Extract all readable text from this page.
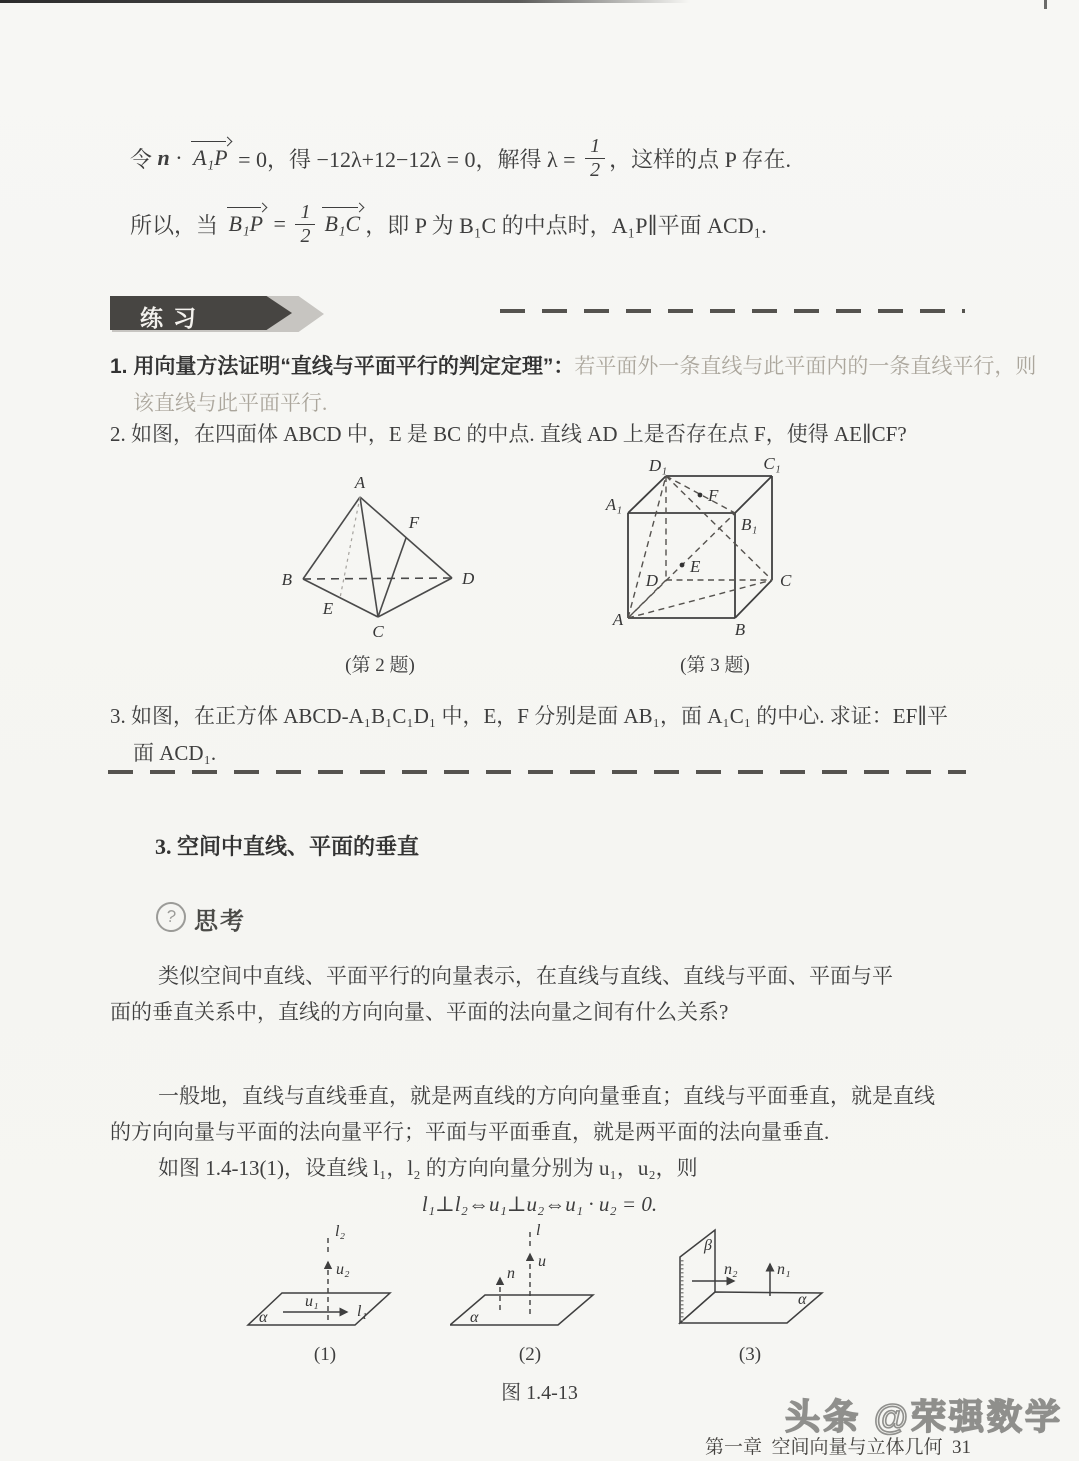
令 n · A₁P = 0，得 −12λ+12−12λ = 0，解得 $\lambda = \frac{1}{2}$ ，这样的点 P 存在.
所以，当 $B_1P = \frac{1}{2} B_1C$ ，即 P 为 B₁C 的中点时，A₁P∥平面 ACD₁.
练习
1. 用向量方法证明“直线与平面平行的判定定理”：若平面外一条直线与此平面内的一条直线平行，则
该直线与此平面平行.
2. 如图，在四面体 ABCD 中，E 是 BC 的中点. 直线 AD 上是否存在点 F，使得 AE∥CF?
A
B
C
D
E
F
(第 2 题)
D₁	C₁
A₁
B₁
D	C
A
B
E
F
(第 3 题)
3. 如图，在正方体 ABCD-A₁B₁C₁D₁ 中，E，F 分别是面 AB₁，面 A₁C₁ 的中心. 求证：EF∥平
面 ACD₁.
3. 空间中直线、平面的垂直
? 思考
类似空间中直线、平面平行的向量表示，在直线与直线、直线与平面、平面与平
面的垂直关系中，直线的方向向量、平面的法向量之间有什么关系?
一般地，直线与直线垂直，就是两直线的方向向量垂直；直线与平面垂直，就是直线
的方向向量与平面的法向量平行；平面与平面垂直，就是两平面的法向量垂直.
如图 1.4-13(1)，设直线 l₁，l₂ 的方向向量分别为 u₁，u₂，则
l₁⊥l₂⇔u₁⊥u₂⇔u₁ · u₂ = 0.
u₁
l₁
u₂
l₂
α
(1)
n
u
l
α
(2)
n₂ n₁
β
α
(3)
图 1.4-13
头条 @荣强数学
第一章 空间向量与立体几何 31
